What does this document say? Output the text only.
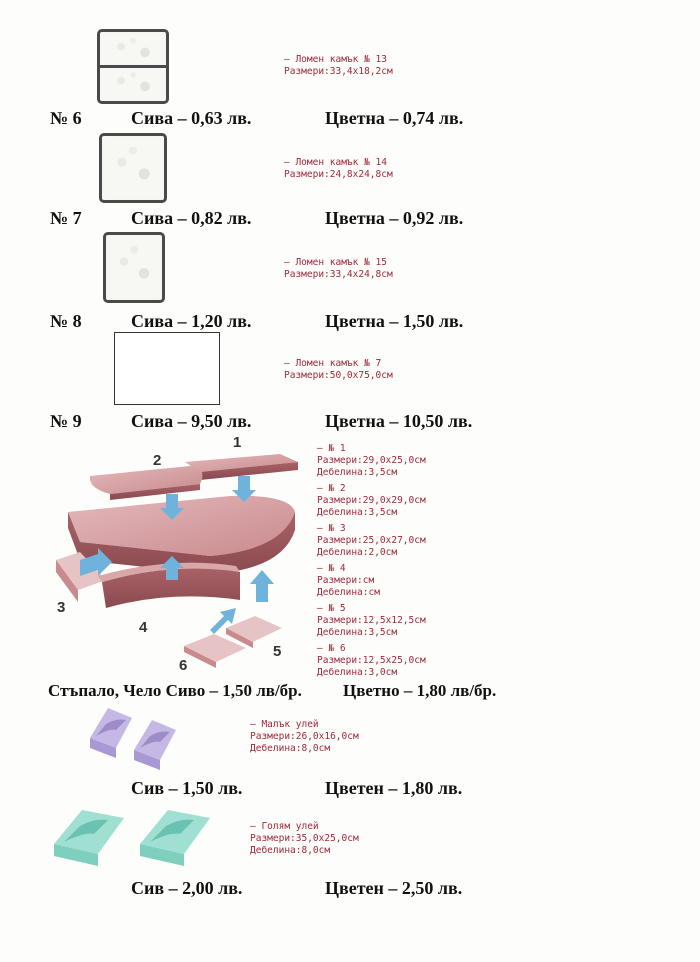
– Ломен камък № 13
Размери:33,4х18,2см
№ 6	Сива – 0,63 лв.	Цветна – 0,74 лв.
– Ломен камък № 14
Размери:24,8х24,8см
№ 7	Сива – 0,82 лв.	Цветна – 0,92 лв.
– Ломен камък № 15
Размери:33,4х24,8см
№ 8	Сива – 1,20 лв.	Цветна – 1,50 лв.
– Ломен камък № 7
Размери:50,0х75,0см
№ 9	Сива – 9,50 лв.	Цветна – 10,50 лв.
1
2
3
4
5
6
– № 1
Размери:29,0х25,0см
Дебелина:3,5см
– № 2
Размери:29,0х29,0см
Дебелина:3,5см
– № 3
Размери:25,0х27,0см
Дебелина:2,0см
– № 4
Размери:см
Дебелина:см
– № 5
Размери:12,5х12,5см
Дебелина:3,5см
– № 6
Размери:12,5х25,0см
Дебелина:3,0см
Стъпало, Чело Сиво – 1,50 лв/бр. Цветно – 1,80 лв/бр.
– Малък улей
Размери:26,0х16,0см
Дебелина:8,0см
Сив – 1,50 лв.	Цветен – 1,80 лв.
– Голям улей
Размери:35,0х25,0см
Дебелина:8,0см
Сив – 2,00 лв.	Цветен – 2,50 лв.
